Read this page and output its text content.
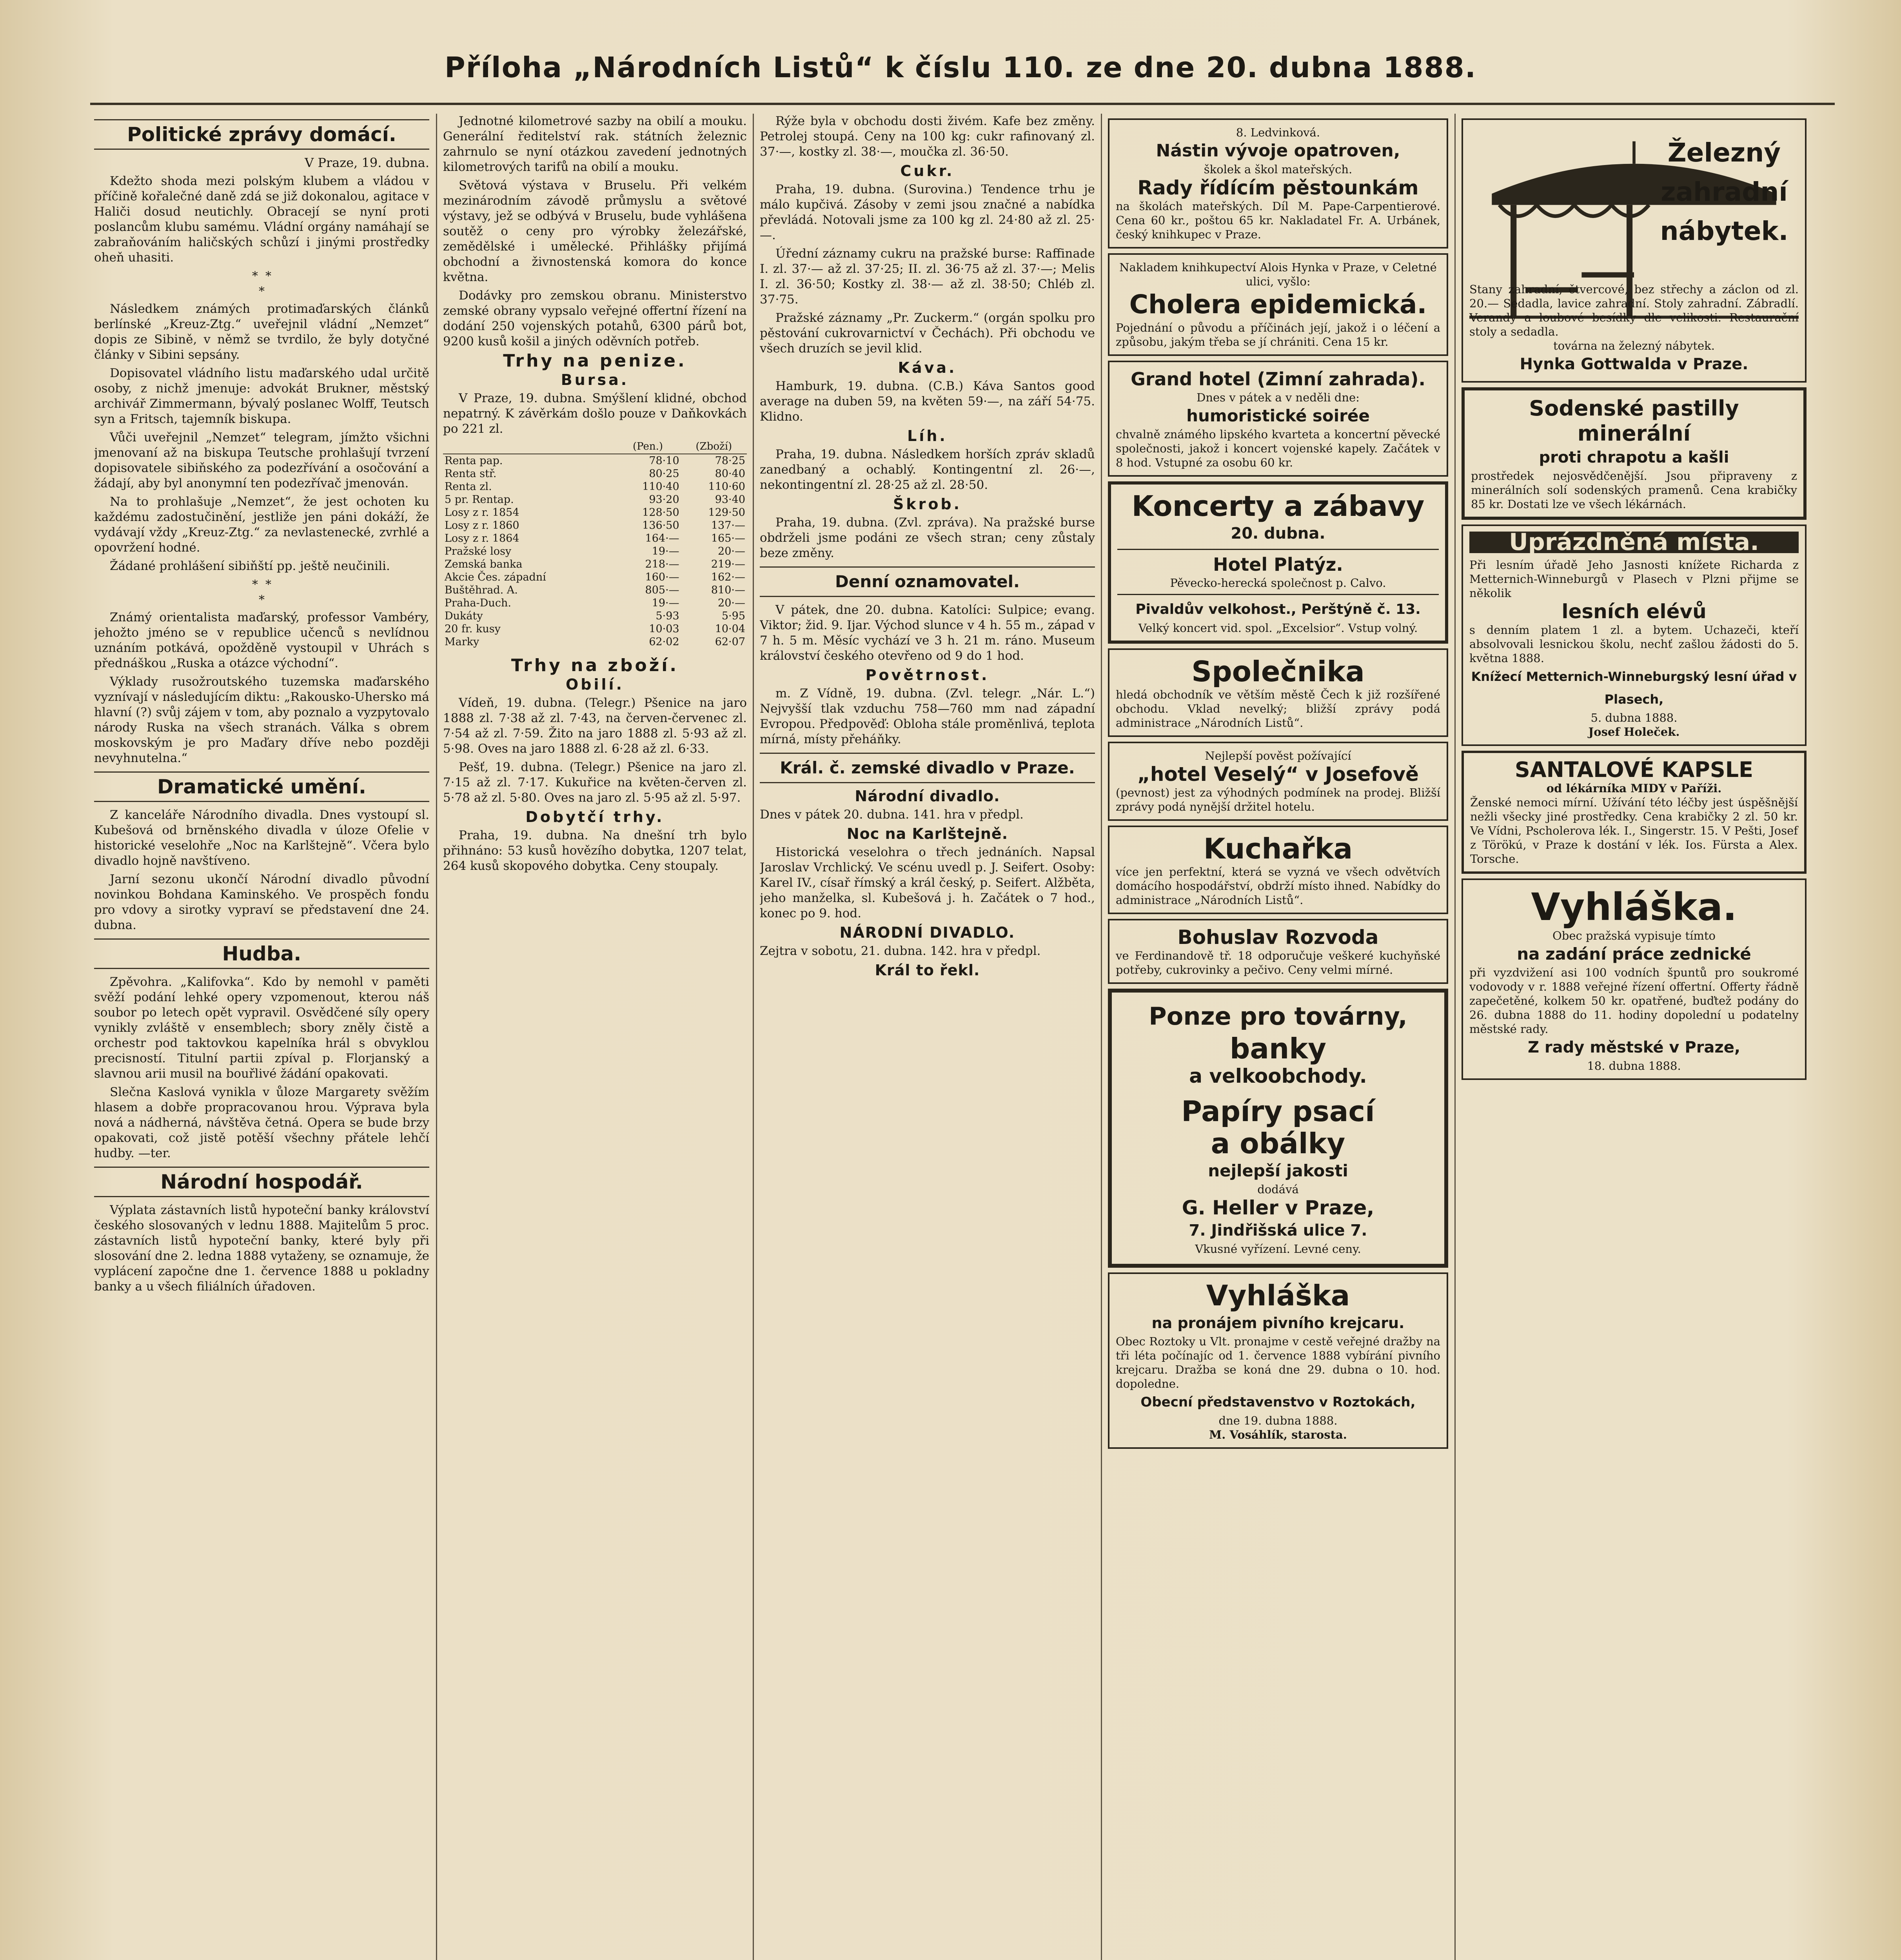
Příloha „Národních Listů“ k číslu 110. ze dne 20. dubna 1888.
Politické zprávy domácí.
V Praze, 19. dubna.

Kdežto shoda mezi polským klubem a vládou v příčině kořalečné daně zdá se již dokonalou, agitace v Haliči dosud neutichly. Obracejí se nyní proti poslancům klubu samému. Vládní orgány namáhají se zabraňováním haličských schůzí i jinými prostředky oheň uhasiti.

*  *
*

Následkem známých protimaďarských článků berlínské „Kreuz-Ztg.“ uveřejnil vládní „Nemzet“ dopis ze Sibině, v němž se tvrdilo, že byly dotyčné články v Sibini sepsány.

Dopisovatel vládního listu maďarského udal určitě osoby, z nichž jmenuje: advokát Brukner, městský archivář Zimmermann, bývalý poslanec Wolff, Teutsch syn a Fritsch, tajemník biskupa.

Vůči uveřejnil „Nemzet“ telegram, jímžto všichni jmenovaní až na biskupa Teutsche prohlašují tvrzení dopisovatele sibiňského za podezřívání a osočování a žádají, aby byl anonymní ten podezřívač jmenován.

Na to prohlašuje „Nemzet“, že jest ochoten ku každému zadostučinění, jestliže jen páni dokáží, že vydávají vždy „Kreuz-Ztg.“ za nevlastenecké, zvrhlé a opovržení hodné.

Žádané prohlášení sibiňští pp. ještě neučinili.

*  *
*

Známý orientalista maďarský, professor Vambéry, jehožto jméno se v republice učenců s nevlídnou uznáním potkává, opožděně vystoupil v Uhrách s přednáškou „Ruska a otázce východní“.

Výklady rusožroutského tuzemska maďarského vyznívají v následujícím diktu: „Rakousko-Uhersko má hlavní (?) svůj zájem v tom, aby poznalo a vyzpytovalo národy Ruska na všech stranách. Válka s obrem moskovským je pro Maďary dříve nebo později nevyhnutelna.“

Dramatické umění.

Z kanceláře Národního divadla. Dnes vystoupí sl. Kubešová od brněnského divadla v úloze Ofelie v historické veselohře „Noc na Karlštejně“. Včera bylo divadlo hojně navštíveno.

Jarní sezonu ukončí Národní divadlo původní novinkou Bohdana Kaminského. Ve prospěch fondu pro vdovy a sirotky vypraví se představení dne 24. dubna.

Hudba.

Zpěvohra. „Kalifovka“. Kdo by nemohl v paměti svěží podání lehké opery vzpomenout, kterou náš soubor po letech opět vypravil. Osvědčené síly opery vynikly zvláště v ensemblech; sbory zněly čistě a orchestr pod taktovkou kapelníka hrál s obvyklou precisností. Titulní partii zpíval p. Florjanský a slavnou arii musil na bouřlivé žádání opakovati.

Slečna Kaslová vynikla v ůloze Margarety svěžím hlasem a dobře propracovanou hrou. Výprava byla nová a nádherná, návštěva četná. Opera se bude brzy opakovati, což jistě potěší všechny přátele lehčí hudby. —ter.

Národní hospodář.

Výplata zástavních listů hypoteční banky království českého slosovaných v lednu 1888. Majitelům 5 proc. zástavních listů hypoteční banky, které byly při slosování dne 2. ledna 1888 vytaženy, se oznamuje, že vyplácení započne dne 1. července 1888 u pokladny banky a u všech filiálních úřadoven.

Jednotné kilometrové sazby na obilí a mouku. Generální ředitelství rak. státních železnic zahrnulo se nyní otázkou zavedení jednotných kilometrových tarifů na obilí a mouku.

Světová výstava v Bruselu. Při velkém mezinárodním závodě průmyslu a světové výstavy, jež se odbývá v Bruselu, bude vyhlášena soutěž o ceny pro výrobky železářské, zemědělské i umělecké. Přihlášky přijímá obchodní a živnostenská komora do konce května.

Dodávky pro zemskou obranu. Ministerstvo zemské obrany vypsalo veřejné offertní řízení na dodání 250 vojenských potahů, 6300 párů bot, 9200 kusů košil a jiných oděvních potřeb.

Trhy na penize.
Bursa.

V Praze, 19. dubna. Smýšlení klidné, obchod nepatrný. K závěrkám došlo pouze v Daňkovkách po 221 zl.

	(Pen.)	(Zboží)
Renta pap.	78·10	78·25
Renta stř.	80·25	80·40
Renta zl.	110·40	110·60
5 pr. Rentap.	93·20	93·40
Losy z r. 1854	128·50	129·50
Losy z r. 1860	136·50	137·—
Losy z r. 1864	164·—	165·—
Pražské losy	19·—	20·—
Zemská banka	218·—	219·—
Akcie Čes. západní	160·—	162·—
Buštěhrad. A.	805·—	810·—
Praha-Duch.	19·—	20·—
Dukáty	5·93	5·95
20 fr. kusy	10·03	10·04
Marky	62·02	62·07
Trhy na zboží.
Obilí.

Vídeň, 19. dubna. (Telegr.) Pšenice na jaro 1888 zl. 7·38 až zl. 7·43, na červen-červenec zl. 7·54 až zl. 7·59. Žito na jaro 1888 zl. 5·93 až zl. 5·98. Oves na jaro 1888 zl. 6·28 až zl. 6·33.

Pešť, 19. dubna. (Telegr.) Pšenice na jaro zl. 7·15 až zl. 7·17. Kukuřice na květen-červen zl. 5·78 až zl. 5·80. Oves na jaro zl. 5·95 až zl. 5·97.

Dobytčí trhy.

Praha, 19. dubna. Na dnešní trh bylo přihnáno: 53 kusů hovězího dobytka, 1207 telat, 264 kusů skopového dobytka. Ceny stoupaly.

Rýže byla v obchodu dosti živém. Kafe bez změny. Petrolej stoupá. Ceny na 100 kg: cukr rafinovaný zl. 37·—, kostky zl. 38·—, moučka zl. 36·50.

Cukr.

Praha, 19. dubna. (Surovina.) Tendence trhu je málo kupčivá. Zásoby v zemi jsou značné a nabídka převládá. Notovali jsme za 100 kg zl. 24·80 až zl. 25·—.

Úřední záznamy cukru na pražské burse: Raffinade I. zl. 37·— až zl. 37·25; II. zl. 36·75 až zl. 37·—; Melis I. zl. 36·50; Kostky zl. 38·— až zl. 38·50; Chléb zl. 37·75.

Pražské záznamy „Pr. Zuckerm.“ (orgán spolku pro pěstování cukrovarnictví v Čechách). Při obchodu ve všech druzích se jevil klid.

Káva.

Hamburk, 19. dubna. (C.B.) Káva Santos good average na duben 59, na květen 59·—, na září 54·75. Klidno.

Líh.

Praha, 19. dubna. Následkem horších zpráv skladů zanedbaný a ochablý. Kontingentní zl. 26·—, nekontingentní zl. 28·25 až zl. 28·50.

Škrob.

Praha, 19. dubna. (Zvl. zpráva). Na pražské burse obdrželi jsme podáni ze všech stran; ceny zůstaly beze změny.

Denní oznamovatel.

V pátek, dne 20. dubna. Katolíci: Sulpice; evang. Viktor; žid. 9. Ijar. Východ slunce v 4 h. 55 m., západ v 7 h. 5 m. Měsíc vychází ve 3 h. 21 m. ráno. Museum království českého otevřeno od 9 do 1 hod.

Povětrnost.

m. Z Vídně, 19. dubna. (Zvl. telegr. „Nár. L.“) Nejvyšší tlak vzduchu 758—760 mm nad západní Evropou. Předpověď: Obloha stále proměnlivá, teplota mírná, místy přeháňky.

Král. č. zemské divadlo v Praze.
Národní divadlo.

Dnes v pátek 20. dubna. 141. hra v předpl.

Noc na Karlštejně.

Historická veselohra o třech jednáních. Napsal Jaroslav Vrchlický. Ve scénu uvedl p. J. Seifert. Osoby: Karel IV., císař římský a král český, p. Seifert. Alžběta, jeho manželka, sl. Kubešová j. h. Začátek o 7 hod., konec po 9. hod.

NÁRODNÍ DIVADLO.

Zejtra v sobotu, 21. dubna. 142. hra v předpl.

Král to řekl.
8. Ledvinková.
Nástin vývoje opatroven,
školek a škol mateřských.
Rady řídícím pěstounkám
na školách mateřských. Díl M. Pape-Carpentierové. Cena 60 kr., poštou 65 kr. Nakladatel Fr. A. Urbánek, český knihkupec v Praze.
Nakladem knihkupectví Alois Hynka v Praze, v Celetné ulici, vyšlo:
Cholera epidemická.
Pojednání o původu a příčinách její, jakož i o léčení a způsobu, jakým třeba se jí chrániti. Cena 15 kr.
Grand hotel (Zimní zahrada).
Dnes v pátek a v neděli dne:
humoristické soirée
chvalně známého lipského kvarteta a koncertní pěvecké společnosti, jakož i koncert vojenské kapely. Začátek v 8 hod. Vstupné za osobu 60 kr.
Koncerty a zábavy
20. dubna.
Hotel Platýz.
Pěvecko-herecká společnost p. Calvo.
Pivaldův velkohost., Perštýně č. 13.
Velký koncert vid. spol. „Excelsior“. Vstup volný.
Společnika
hledá obchodník ve větším městě Čech k již rozšířené obchodu. Vklad nevelký; bližší zprávy podá administrace „Národních Listů“.
Nejlepší pověst požívající
„hotel Veselý“ v Josefově
(pevnost) jest za výhodných podmínek na prodej. Bližší zprávy podá nynější držitel hotelu.
Kuchařka
více jen perfektní, která se vyzná ve všech odvětvích domácího hospodářství, obdrží místo ihned. Nabídky do administrace „Národních Listů“.
Bohuslav Rozvoda
ve Ferdinandově tř. 18 odporučuje veškeré kuchyňské potřeby, cukrovinky a pečivo. Ceny velmi mírné.
Ponze pro továrny,
banky
a velkoobchody.
Papíry psací
a obálky
nejlepší jakosti
dodává
G. Heller v Praze,
7. Jindřišská ulice 7.
Vkusné vyřízení. Levné ceny.
Vyhláška
na pronájem pivního krejcaru.
Obec Roztoky u Vlt. pronajme v cestě veřejné dražby na tři léta počínajíc od 1. července 1888 vybírání pivního krejcaru. Dražba se koná dne 29. dubna o 10. hod. dopoledne.
Obecní představenstvo v Roztokách,
dne 19. dubna 1888.
M. Vosáhlík, starosta.
Železný zahradní nábytek.
Stany zahradní, čtvercové, bez střechy a záclon od zl. 20.— Sedadla, lavice zahradní. Stoly zahradní. Zábradlí. Verandy a loubové besídky dle velikosti. Restaurační stoly a sedadla.
továrna na železný nábytek.
Hynka Gottwalda v Praze.
Sodenské pastilly minerální
proti chrapotu a kašli
prostředek nejosvědčenější. Jsou připraveny z minerálních solí sodenských pramenů. Cena krabičky 85 kr. Dostati lze ve všech lékárnách.
Uprázdněná místa.
Při lesním úřadě Jeho Jasnosti knížete Richarda z Metternich-Winneburgů v Plasech v Plzni přijme se několik
lesních elévů
s denním platem 1 zl. a bytem. Uchazeči, kteří absolvovali lesnickou školu, nechť zašlou žádosti do 5. května 1888.
Knížecí Metternich-Winneburgský lesní úřad v Plasech,
5. dubna 1888.
Josef Holeček.
SANTALOVÉ KAPSLE
od lékárníka MIDY v Paříži.
Ženské nemoci mírní. Užívání této léčby jest úspěšnější nežli všecky jiné prostředky. Cena krabičky 2 zl. 50 kr. Ve Vídni, Pscholerova lék. I., Singerstr. 15. V Pešti, Josef z Törökú, v Praze k dostání v lék. Ios. Fürsta a Alex. Torsche.
Vyhláška.
Obec pražská vypisuje tímto
na zadání práce zednické
při vyzdvižení asi 100 vodních špuntů pro soukromé vodovody v r. 1888 veřejné řízení offertní. Offerty řádně zapečetěné, kolkem 50 kr. opatřené, buďtež podány do 26. dubna 1888 do 11. hodiny dopolední u podatelny městské rady.
Z rady městské v Praze,
18. dubna 1888.
